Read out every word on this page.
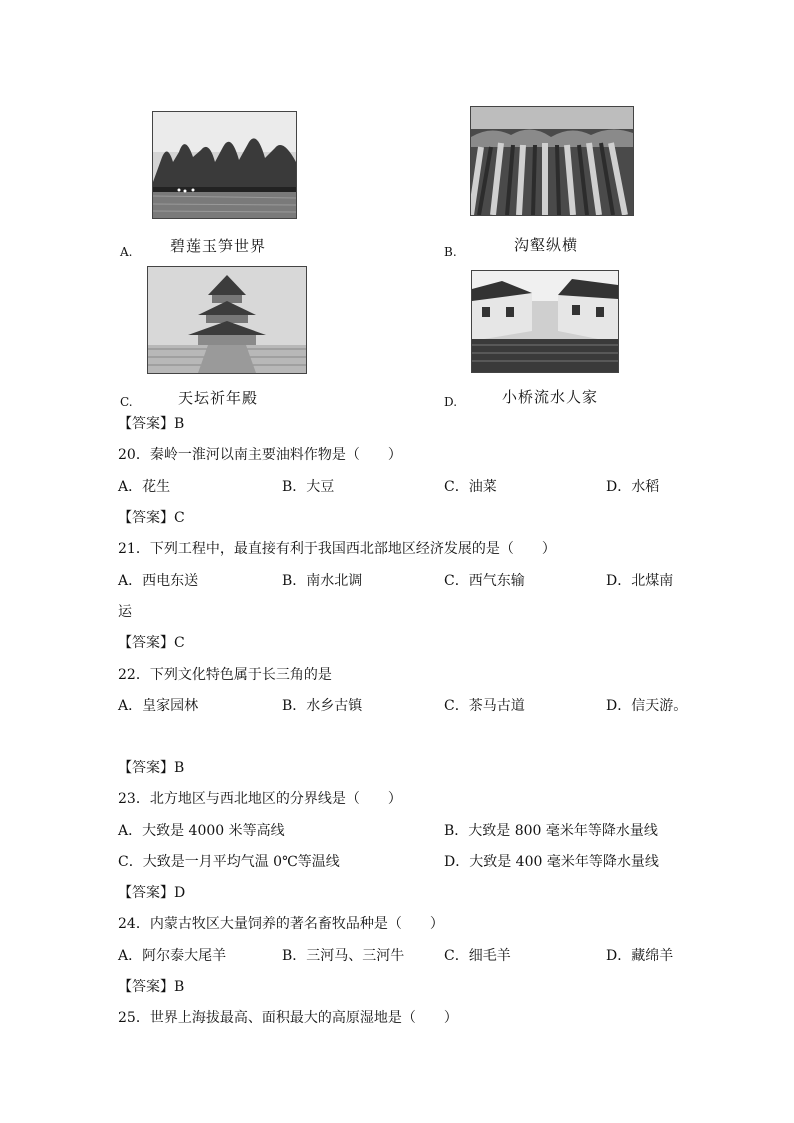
A.	碧莲玉笋世界	B.	沟壑纵横
C.	天坛祈年殿	D.	小桥流水人家
【答案】B
20．秦岭一淮河以南主要油料作物是（　　）
A．花生	B．大豆	C．油菜	D．水稻
【答案】C
21．下列工程中，最直接有利于我国西北部地区经济发展的是（　　）
A．西电东送	B．南水北调	C．西气东输	D．北煤南
运
【答案】C
22．下列文化特色属于长三角的是
A．皇家园林	B．水乡古镇	C．茶马古道	D．信天游。
【答案】B
23．北方地区与西北地区的分界线是（　　）
A．大致是 4000 米等高线	B．大致是 800 毫米年等降水量线
C．大致是一月平均气温 0℃等温线	D．大致是 400 毫米年等降水量线
【答案】D
24．内蒙古牧区大量饲养的著名畜牧品种是（　　）
A．阿尔泰大尾羊	B．三河马、三河牛	C．细毛羊	D．藏绵羊
【答案】B
25．世界上海拔最高、面积最大的高原湿地是（　　）
